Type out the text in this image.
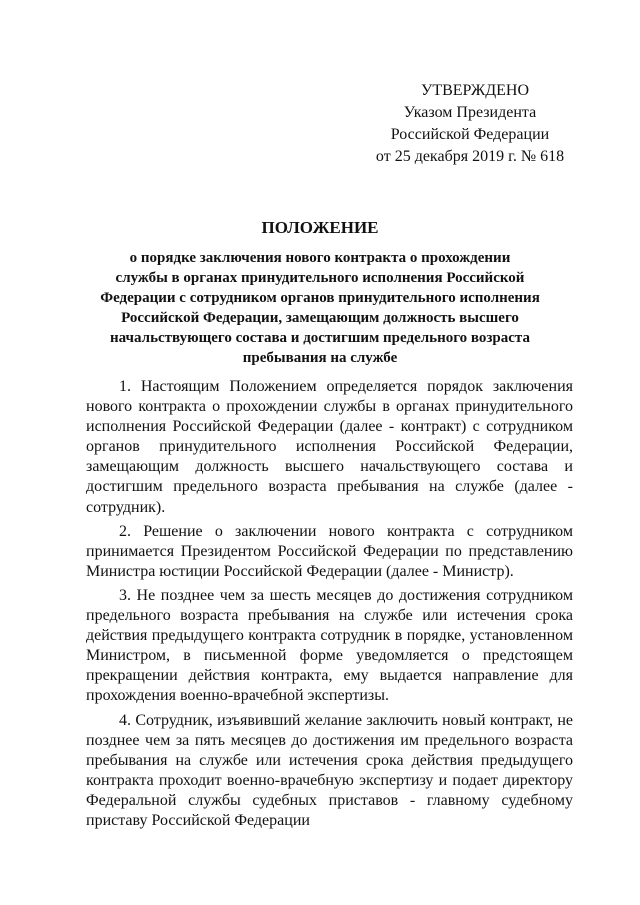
УТВЕРЖДЕНО
Указом Президента
Российской Федерации
от 25 декабря 2019 г. № 618
ПОЛОЖЕНИЕ
о порядке заключения нового контракта о прохождении
службы в органах принудительного исполнения Российской
Федерации с сотрудником органов принудительного исполнения
Российской Федерации, замещающим должность высшего
начальствующего состава и достигшим предельного возраста
пребывания на службе

1. Настоящим Положением определяется порядок заключения нового контракта о прохождении службы в органах принудительного исполнения Российской Федерации (далее - контракт) с сотрудником органов принудительного исполнения Российской Федерации, замещающим должность высшего начальствующего состава и достигшим предельного возраста пребывания на службе (далее - сотрудник).

2. Решение о заключении нового контракта с сотрудником принимается Президентом Российской Федерации по представлению Министра юстиции Российской Федерации (далее - Министр).

3. Не позднее чем за шесть месяцев до достижения сотрудником предельного возраста пребывания на службе или истечения срока действия предыдущего контракта сотрудник в порядке, установленном Министром, в письменной форме уведомляется о предстоящем прекращении действия контракта, ему выдается направление для прохождения военно-врачебной экспертизы.

4. Сотрудник, изъявивший желание заключить новый контракт, не позднее чем за пять месяцев до достижения им предельного возраста пребывания на службе или истечения срока действия предыдущего контракта проходит военно-врачебную экспертизу и подает директору Федеральной службы судебных приставов - главному судебному приставу Российской Федерации
